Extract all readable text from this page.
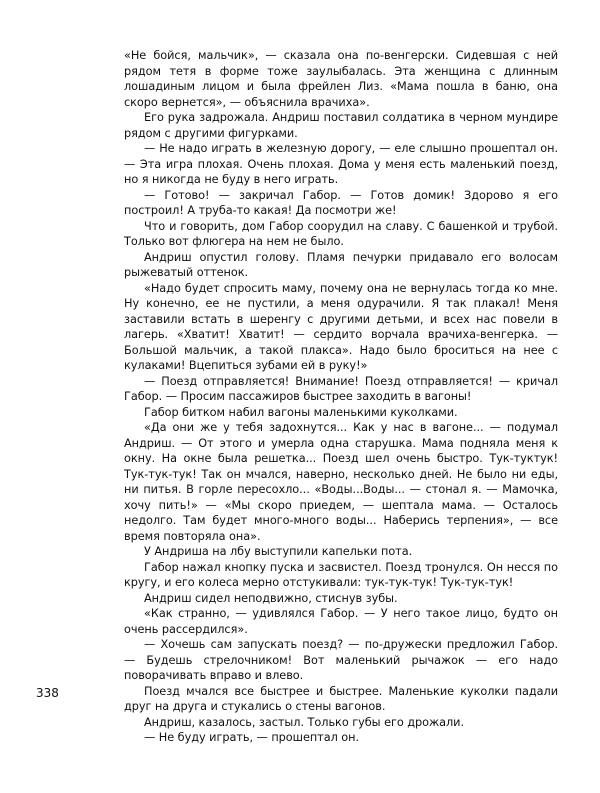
«Не бойся, мальчик», — сказала она по-венгерски. Сидевшая с ней рядом тетя в форме тоже заулыбалась. Эта женщина с длинным лошадиным лицом и была фрейлен Лиз. «Мама пошла в баню, она скоро вернется», — объяснила врачиха».

Его рука задрожала. Андриш поставил солдатика в черном мундире рядом с другими фигурками.

— Не надо играть в железную дорогу, — еле слышно прошептал он. — Эта игра плохая. Очень плохая. Дома у меня есть маленький поезд, но я никогда не буду в него играть.

— Готово! — закричал Габор. — Готов домик! Здорово я его построил! А труба-то какая! Да посмотри же!

Что и говорить, дом Габор соорудил на славу. С башенкой и трубой. Только вот флюгера на нем не было.

Андриш опустил голову. Пламя печурки придавало его волосам рыжеватый оттенок.

«Надо будет спросить маму, почему она не вернулась тогда ко мне. Ну конечно, ее не пустили, а меня одурачили. Я так плакал! Меня заставили встать в шеренгу с другими детьми, и всех нас повели в лагерь. «Хватит! Хватит! — сердито ворчала врачиха-венгерка. — Большой мальчик, а такой плакса». Надо было броситься на нее с кулаками! Вцепиться зубами ей в руку!»

— Поезд отправляется! Внимание! Поезд отправляется! — кричал Габор. — Просим пассажиров быстрее заходить в вагоны!

Габор битком набил вагоны маленькими куколками.

«Да они же у тебя задохнутся... Как у нас в вагоне... — подумал Андриш. — От этого и умерла одна старушка. Мама подняла меня к окну. На окне была решетка... Поезд шел очень быстро. Тук-туктук! Тук-тук-тук! Так он мчался, наверно, несколько дней. Не было ни еды, ни питья. В горле пересохло... «Воды...Воды... — стонал я. — Мамочка, хочу пить!» — «Мы скоро приедем, — шептала мама. — Осталось недолго. Там будет много-много воды... Наберись терпения», — все время повторяла она».

У Андриша на лбу выступили капельки пота.

Габор нажал кнопку пуска и засвистел. Поезд тронулся. Он несся по кругу, и его колеса мерно отстукивали: тук-тук-тук! Тук-тук-тук!

Андриш сидел неподвижно, стиснув зубы.

«Как странно, — удивлялся Габор. — У него такое лицо, будто он очень рассердился».

— Хочешь сам запускать поезд? — по-дружески предложил Габор. — Будешь стрелочником! Вот маленький рычажок — его надо поворачивать вправо и влево.

Поезд мчался все быстрее и быстрее. Маленькие куколки падали друг на друга и стукались о стены вагонов.

Андриш, казалось, застыл. Только губы его дрожали.

— Не буду играть, — прошептал он.

338
